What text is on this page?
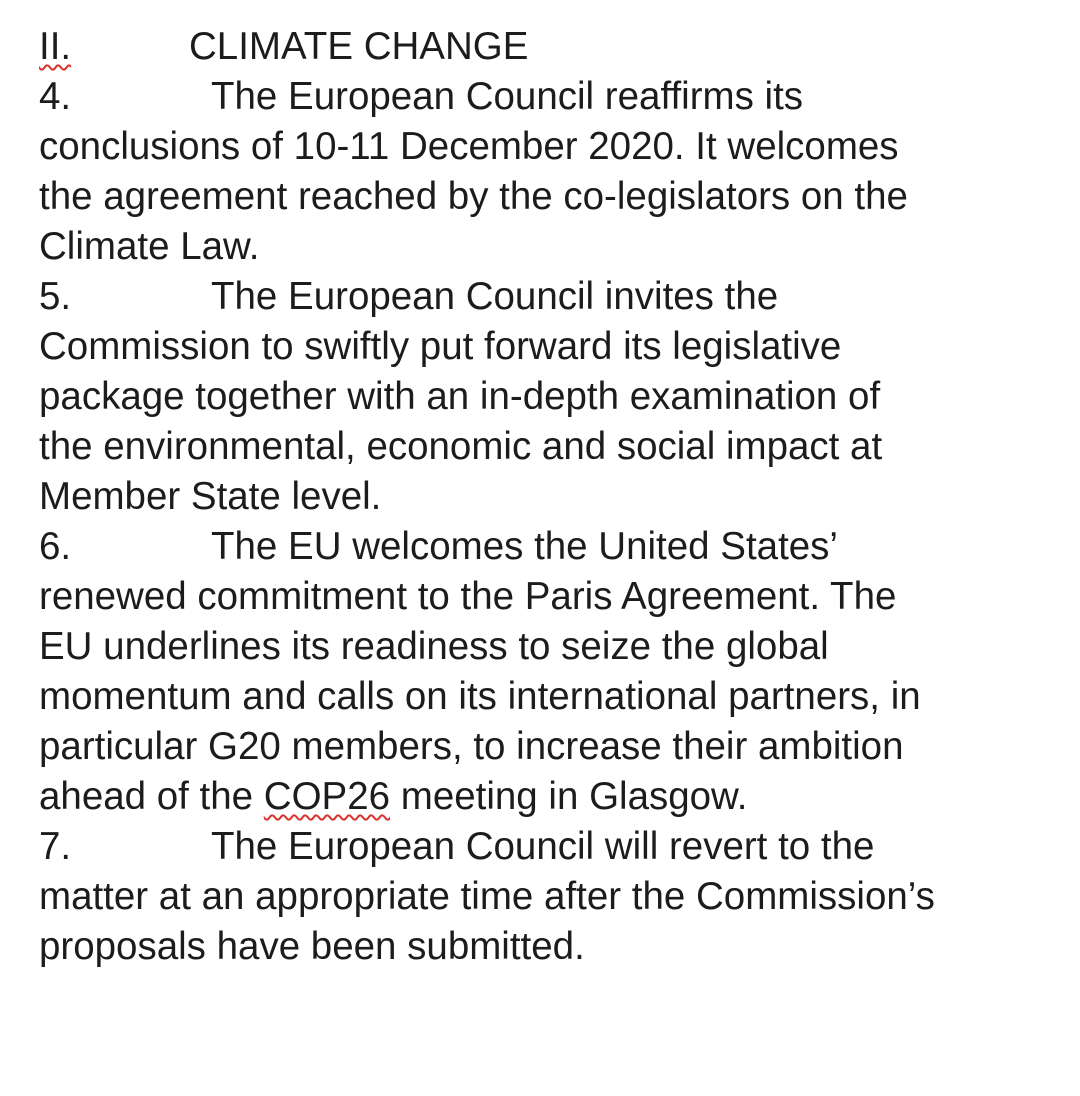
II.	CLIMATE CHANGE
4.	The European Council reaffirms its
conclusions of 10-11 December 2020. It welcomes
the agreement reached by the co-legislators on the
Climate Law.
5.	The European Council invites the
Commission to swiftly put forward its legislative
package together with an in-depth examination of
the environmental, economic and social impact at
Member State level.
6.	The EU welcomes the United States’
renewed commitment to the Paris Agreement. The
EU underlines its readiness to seize the global
momentum and calls on its international partners, in
particular G20 members, to increase their ambition
ahead of the COP26 meeting in Glasgow.
7.	The European Council will revert to the
matter at an appropriate time after the Commission’s
proposals have been submitted.
